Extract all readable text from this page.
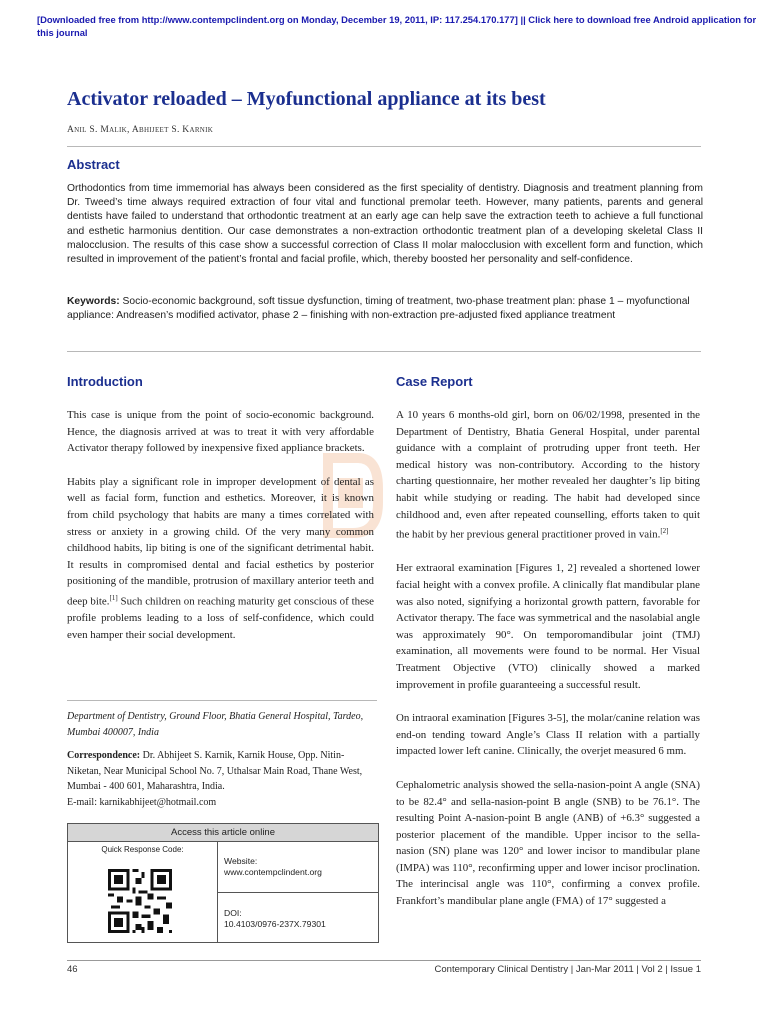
[Downloaded free from http://www.contempclindent.org on Monday, December 19, 2011, IP: 117.254.170.177] || Click here to download free Android application for this journal
Activator reloaded – Myofunctional appliance at its best
Anil S. Malik, Abhijeet S. Karnik
Abstract
Orthodontics from time immemorial has always been considered as the first speciality of dentistry. Diagnosis and treatment planning from Dr. Tweed’s time always required extraction of four vital and functional premolar teeth. However, many patients, parents and general dentists have failed to understand that orthodontic treatment at an early age can help save the extraction teeth to achieve a full functional and esthetic harmonius dentition. Our case demonstrates a non-extraction orthodontic treatment plan of a developing skeletal Class II malocclusion. The results of this case show a successful correction of Class II molar malocclusion with excellent form and function, which resulted in improvement of the patient’s frontal and facial profile, which, thereby boosted her personality and self-confidence.
Keywords: Socio-economic background, soft tissue dysfunction, timing of treatment, two-phase treatment plan: phase 1 – myofunctional appliance: Andreasen’s modified activator, phase 2 – finishing with non-extraction pre-adjusted fixed appliance treatment
Introduction

This case is unique from the point of socio-economic background. Hence, the diagnosis arrived at was to treat it with very affordable Activator therapy followed by inexpensive fixed appliance brackets.

Habits play a significant role in improper development of dental as well as facial form, function and esthetics. Moreover, it is known from child psychology that habits are many a times correlated with stress or anxiety in a growing child. Of the very many common childhood habits, lip biting is one of the significant detrimental habit. It results in compromised dental and facial esthetics by posterior positioning of the mandible, protrusion of maxillary anterior teeth and deep bite.[1] Such children on reaching maturity get conscious of these profile problems leading to a loss of self-confidence, which could even hamper their social development.

Department of Dentistry, Ground Floor, Bhatia General Hospital, Tardeo, Mumbai 400007, India
Correspondence: Dr. Abhijeet S. Karnik, Karnik House, Opp. Nitin-Niketan, Near Municipal School No. 7, Uthalsar Main Road, Thane West, Mumbai - 400 601, Maharashtra, India.
E-mail: karnikabhijeet@hotmail.com
Access this article online
Quick Response Code:
Website:
www.contempclindent.org
DOI:
10.4103/0976-237X.79301
Case Report

A 10 years 6 months-old girl, born on 06/02/1998, presented in the Department of Dentistry, Bhatia General Hospital, under parental guidance with a complaint of protruding upper front teeth. Her medical history was non-contributory. According to the history charting questionnaire, her mother revealed her daughter’s lip biting habit while studying or reading. The habit had developed since childhood and, even after repeated counselling, efforts taken to quit the habit by her previous general practitioner proved in vain.[2]

Her extraoral examination [Figures 1, 2] revealed a shortened lower facial height with a convex profile. A clinically flat mandibular plane was also noted, signifying a horizontal growth pattern, favorable for Activator therapy. The face was symmetrical and the nasolabial angle was approximately 90°. On temporomandibular joint (TMJ) examination, all movements were found to be normal. Her Visual Treatment Objective (VTO) clinically showed a marked improvement in profile guaranteeing a successful result.

On intraoral examination [Figures 3-5], the molar/canine relation was end-on tending toward Angle’s Class II relation with a partially impacted lower left canine. Clinically, the overjet measured 6 mm.

Cephalometric analysis showed the sella-nasion-point A angle (SNA) to be 82.4° and sella-nasion-point B angle (SNB) to be 76.1°. The resulting Point A-nasion-point B angle (ANB) of +6.3° suggested a posterior placement of the mandible. Upper incisor to the sella-nasion (SN) plane was 120° and lower incisor to mandibular plane (IMPA) was 110°, reconfirming upper and lower incisor proclination. The interincisal angle was 110°, confirming a convex profile. Frankfort’s mandibular plane angle (FMA) of 17° suggested a

46	Contemporary Clinical Dentistry | Jan-Mar 2011 | Vol 2 | Issue 1
